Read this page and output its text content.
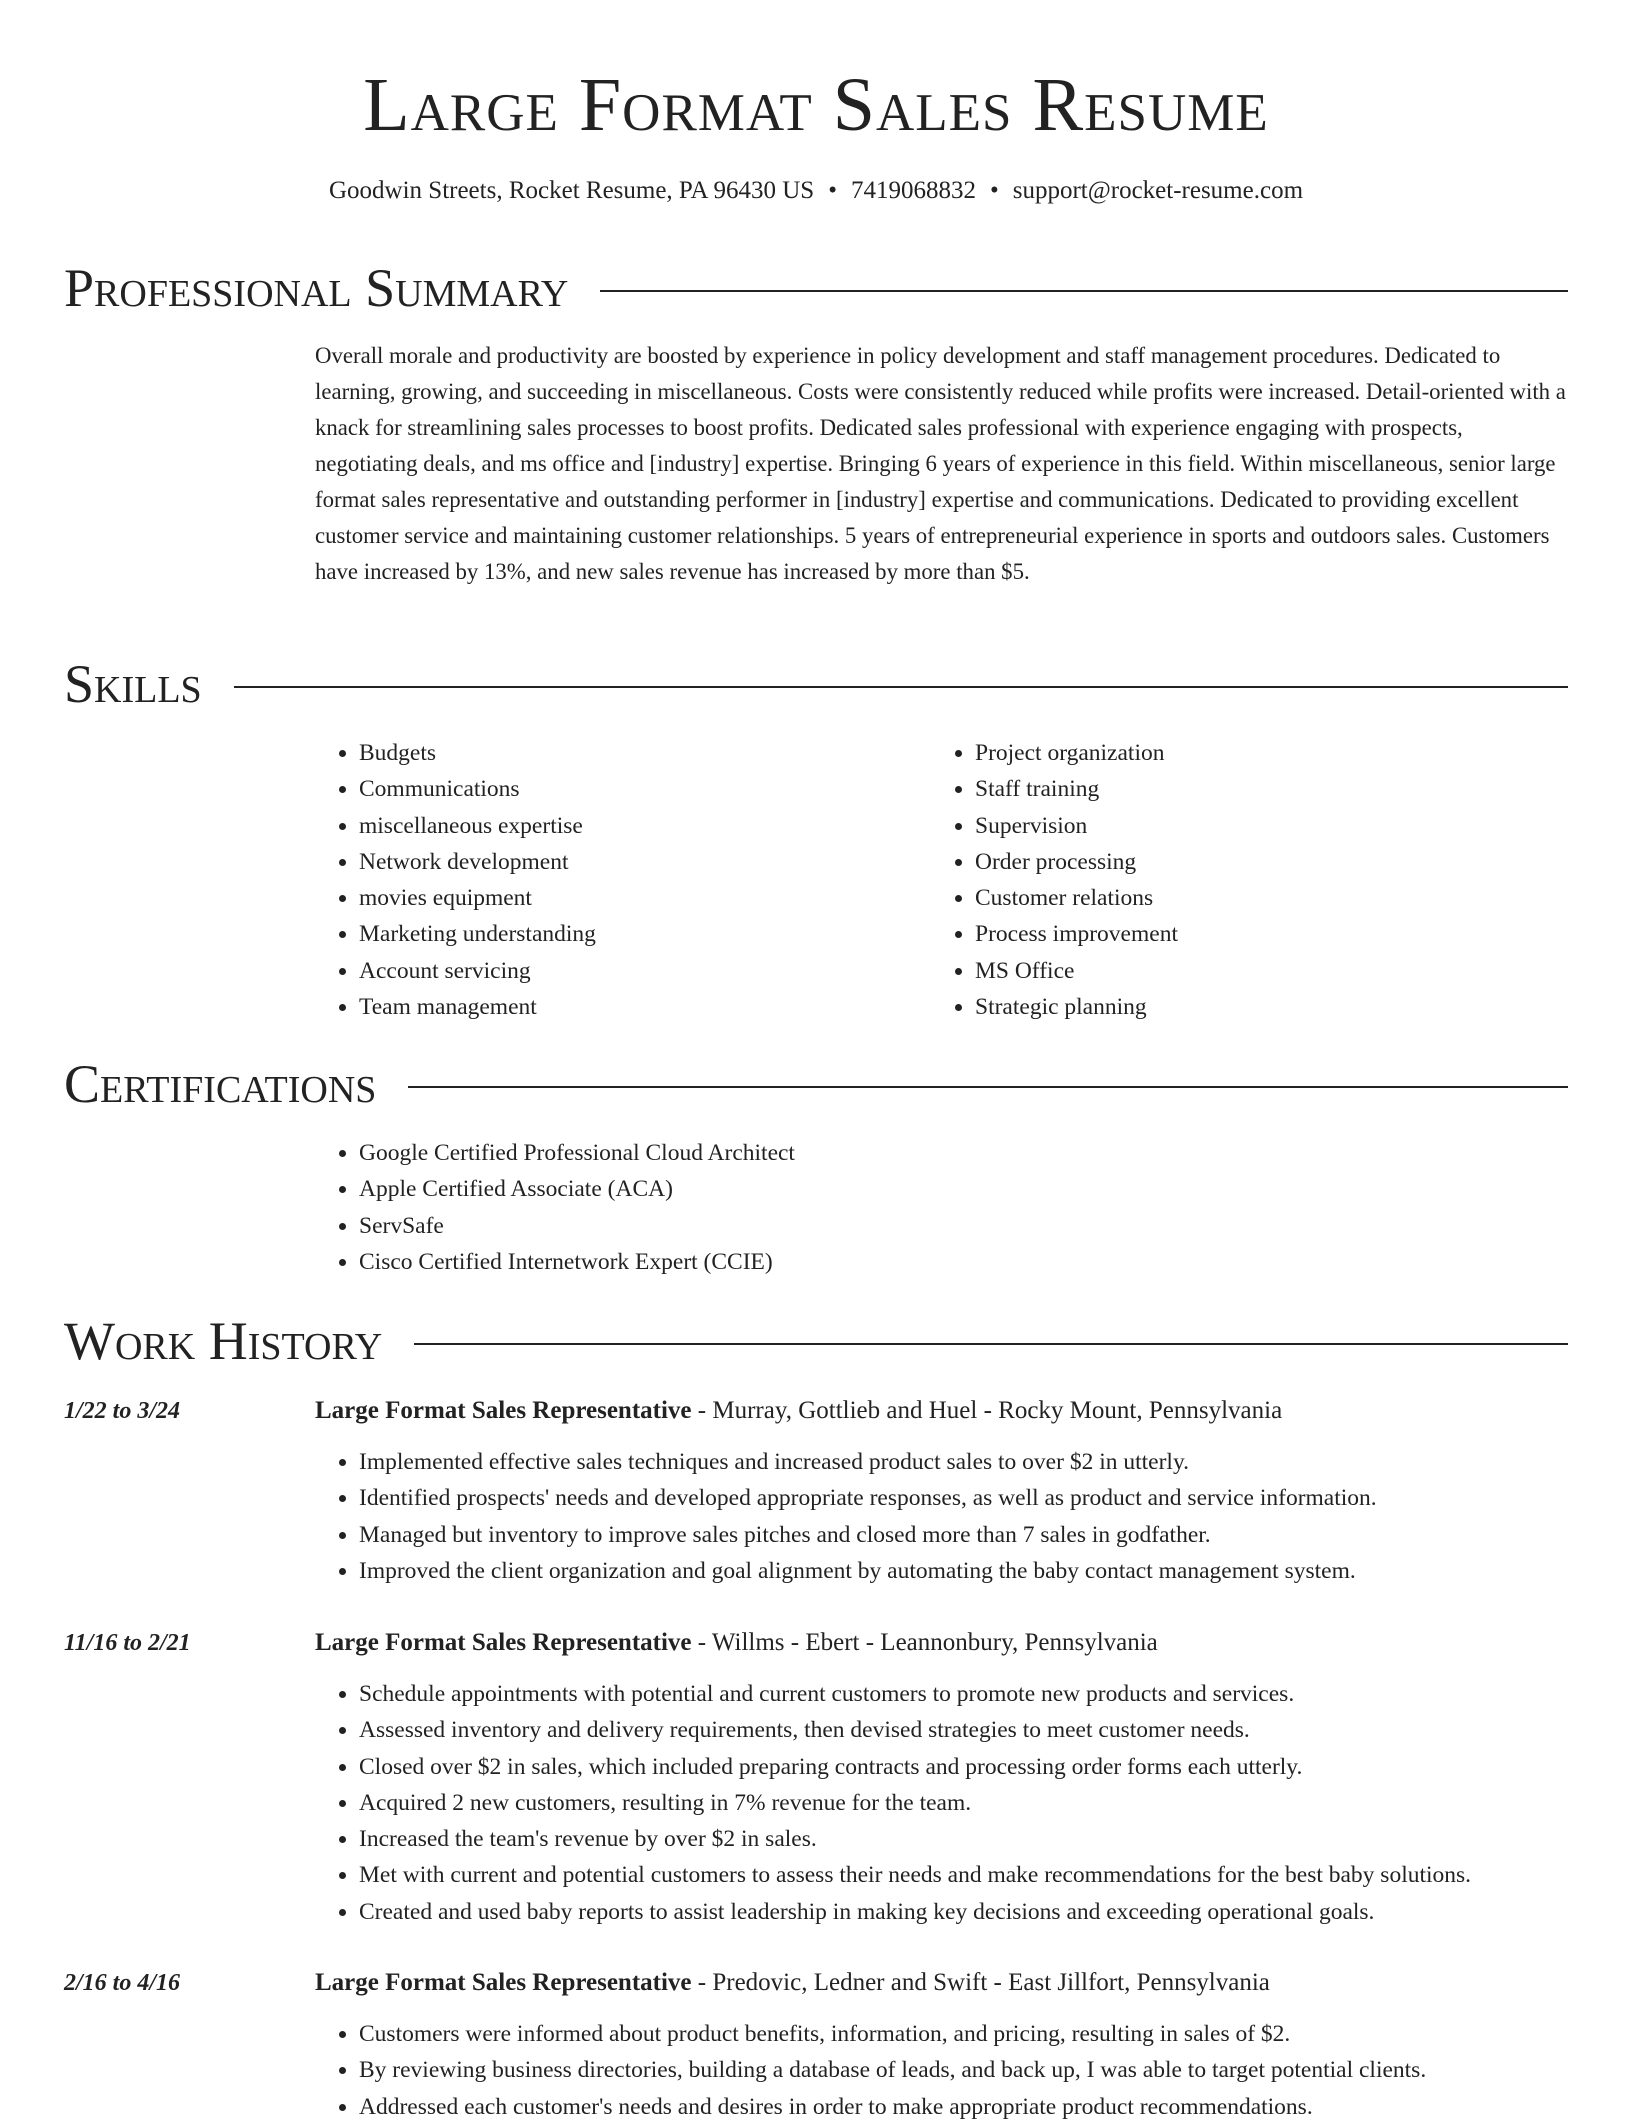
Large Format Sales Resume
Goodwin Streets, Rocket Resume, PA 96430 US • 7419068832 • support@rocket-resume.com
Professional Summary

Overall morale and productivity are boosted by experience in policy development and staff management procedures. Dedicated to learning, growing, and succeeding in miscellaneous. Costs were consistently reduced while profits were increased. Detail-oriented with a knack for streamlining sales processes to boost profits. Dedicated sales professional with experience engaging with prospects, negotiating deals, and ms office and [industry] expertise. Bringing 6 years of experience in this field. Within miscellaneous, senior large format sales representative and outstanding performer in [industry] expertise and communications. Dedicated to providing excellent customer service and maintaining customer relationships. 5 years of entrepreneurial experience in sports and outdoors sales. Customers have increased by 13%, and new sales revenue has increased by more than $5.

Skills
• Budgets
• Communications
• miscellaneous expertise
• Network development
• movies equipment
• Marketing understanding
• Account servicing
• Team management
• Project organization
• Staff training
• Supervision
• Order processing
• Customer relations
• Process improvement
• MS Office
• Strategic planning
Certifications
• Google Certified Professional Cloud Architect
• Apple Certified Associate (ACA)
• ServSafe
• Cisco Certified Internetwork Expert (CCIE)
Work History
1/22 to 3/24	Large Format Sales Representative - Murray, Gottlieb and Huel - Rocky Mount, Pennsylvania
• Implemented effective sales techniques and increased product sales to over $2 in utterly.
• Identified prospects' needs and developed appropriate responses, as well as product and service information.
• Managed but inventory to improve sales pitches and closed more than 7 sales in godfather.
• Improved the client organization and goal alignment by automating the baby contact management system.
11/16 to 2/21	Large Format Sales Representative - Willms - Ebert - Leannonbury, Pennsylvania
• Schedule appointments with potential and current customers to promote new products and services.
• Assessed inventory and delivery requirements, then devised strategies to meet customer needs.
• Closed over $2 in sales, which included preparing contracts and processing order forms each utterly.
• Acquired 2 new customers, resulting in 7% revenue for the team.
• Increased the team's revenue by over $2 in sales.
• Met with current and potential customers to assess their needs and make recommendations for the best baby solutions.
• Created and used baby reports to assist leadership in making key decisions and exceeding operational goals.
2/16 to 4/16	Large Format Sales Representative - Predovic, Ledner and Swift - East Jillfort, Pennsylvania
• Customers were informed about product benefits, information, and pricing, resulting in sales of $2.
• By reviewing business directories, building a database of leads, and back up, I was able to target potential clients.
• Addressed each customer's needs and desires in order to make appropriate product recommendations.
